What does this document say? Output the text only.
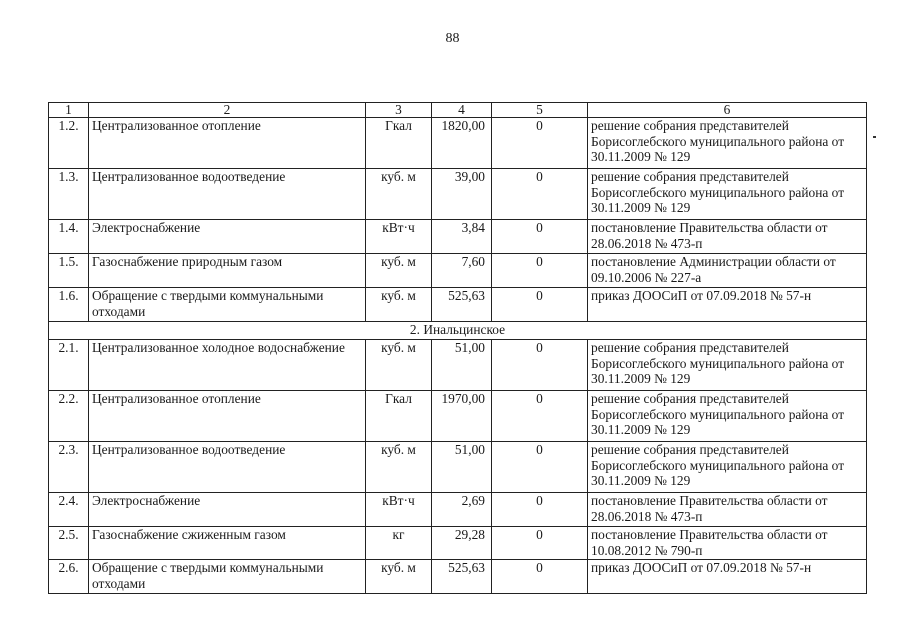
88
1	2	3	4	5	6
1.2.	Централизованное отопление	Гкал	1820,00	0	решение собрания представителей Борисоглебского муниципального района от 30.11.2009 № 129
1.3.	Централизованное водоотведение	куб. м	39,00	0	решение собрания представителей Борисоглебского муниципального района от 30.11.2009 № 129
1.4.	Электроснабжение	кВт·ч	3,84	0	постановление Правительства области от 28.06.2018 № 473-п
1.5.	Газоснабжение природным газом	куб. м	7,60	0	постановление Администрации области от 09.10.2006 № 227-а
1.6.	Обращение с твердыми коммунальными отходами	куб. м	525,63	0	приказ ДООСиП от 07.09.2018 № 57-н
2. Инальцинское					
2.1.	Централизованное холодное водоснабжение	куб. м	51,00	0	решение собрания представителей Борисоглебского муниципального района от 30.11.2009 № 129
2.2.	Централизованное отопление	Гкал	1970,00	0	решение собрания представителей Борисоглебского муниципального района от 30.11.2009 № 129
2.3.	Централизованное водоотведение	куб. м	51,00	0	решение собрания представителей Борисоглебского муниципального района от 30.11.2009 № 129
2.4.	Электроснабжение	кВт·ч	2,69	0	постановление Правительства области от 28.06.2018 № 473-п
2.5.	Газоснабжение сжиженным газом	кг	29,28	0	постановление Правительства области от 10.08.2012 № 790-п
2.6.	Обращение с твердыми коммунальными отходами	куб. м	525,63	0	приказ ДООСиП от 07.09.2018 № 57-н
